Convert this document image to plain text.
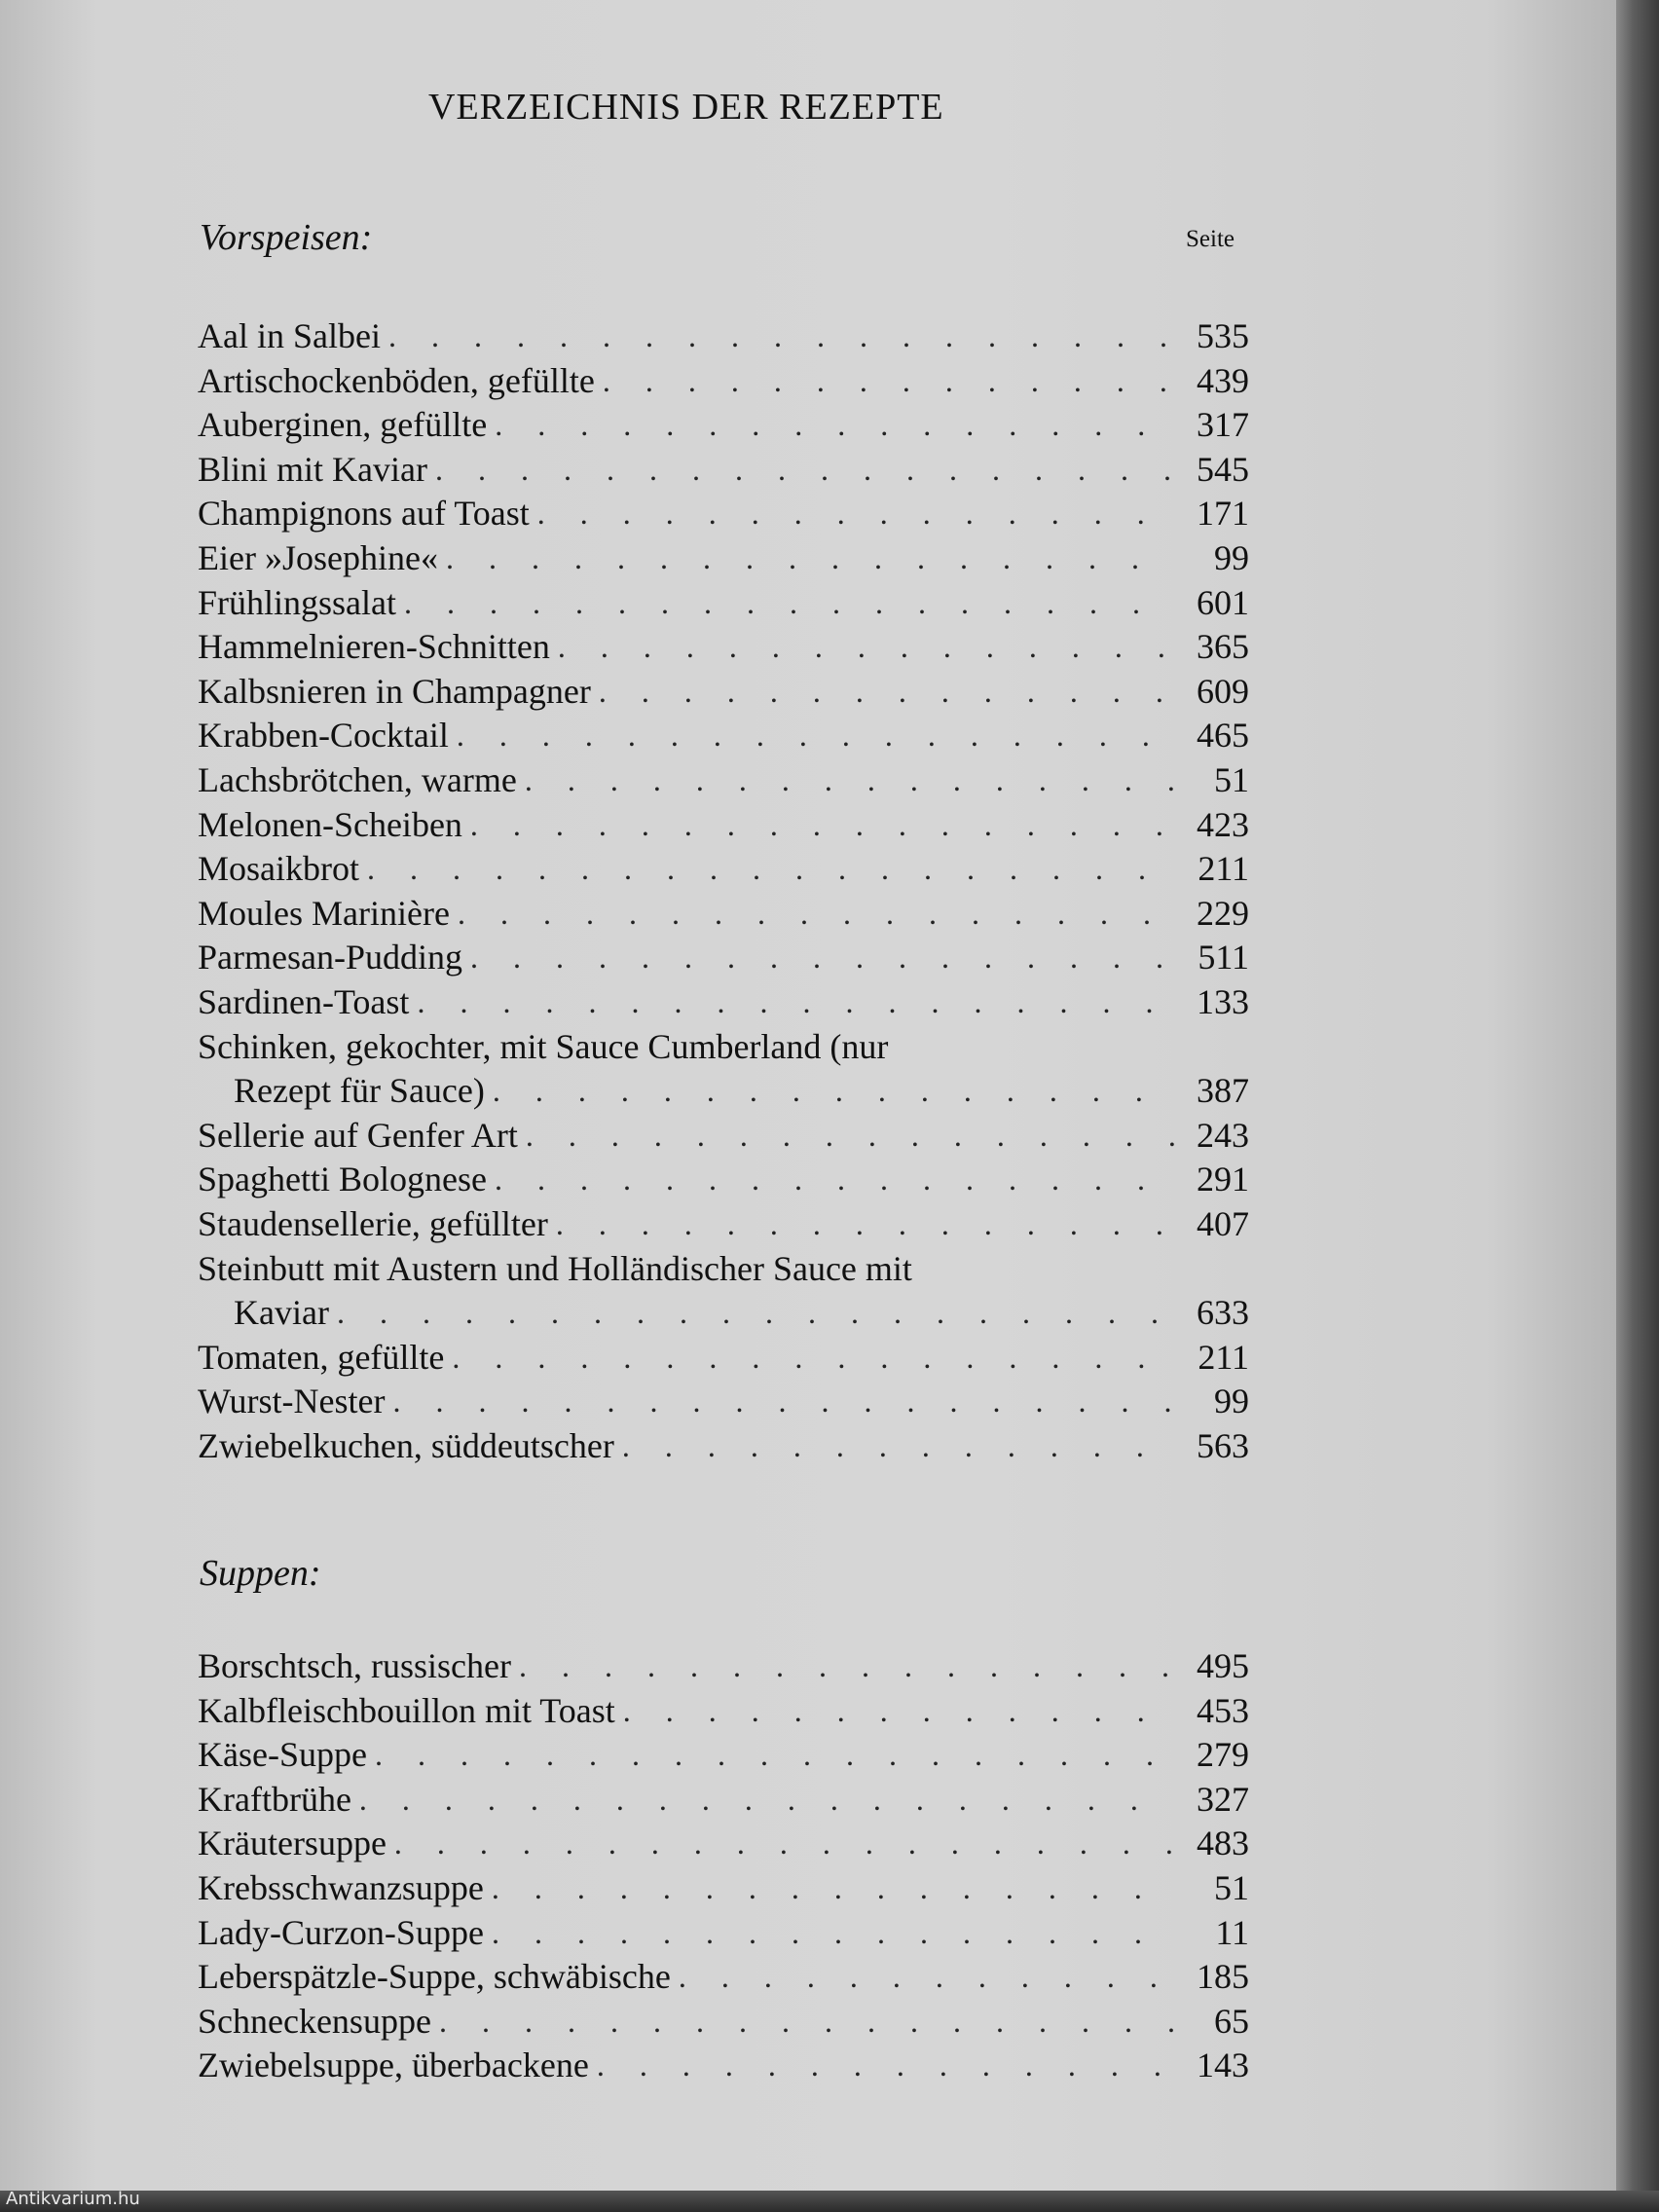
VERZEICHNIS DER REZEPTE
Vorspeisen:	Seite
Aal in Salbei . . .	535
Artischockenböden, gefüllte . . .	439
Auberginen, gefüllte . . .	317
Blini mit Kaviar . . .	545
Champignons auf Toast . . .	171
Eier »Josephine« . . .	99
Frühlingssalat . . .	601
Hammelnieren-Schnitten . . .	365
Kalbsnieren in Champagner . . .	609
Krabben-Cocktail . . .	465
Lachsbrötchen, warme . . .	51
Melonen-Scheiben . . .	423
Mosaikbrot . . .	211
Moules Marinière . . .	229
Parmesan-Pudding . . .	511
Sardinen-Toast . . .	133
Schinken, gekochter, mit Sauce Cumberland (nur
Rezept für Sauce) . . .	387
Sellerie auf Genfer Art . . .	243
Spaghetti Bolognese . . .	291
Staudensellerie, gefüllter . . .	407
Steinbutt mit Austern und Holländischer Sauce mit
Kaviar . . .	633
Tomaten, gefüllte . . .	211
Wurst-Nester . . .	99
Zwiebelkuchen, süddeutscher . . .	563
Suppen:
Borschtsch, russischer . . .	495
Kalbfleischbouillon mit Toast . . .	453
Käse-Suppe . . .	279
Kraftbrühe . . .	327
Kräutersuppe . . .	483
Krebsschwanzsuppe . . .	51
Lady-Curzon-Suppe . . .	11
Leberspätzle-Suppe, schwäbische . . .	185
Schneckensuppe . . .	65
Zwiebelsuppe, überbackene . . .	143
Antikvarium.hu
